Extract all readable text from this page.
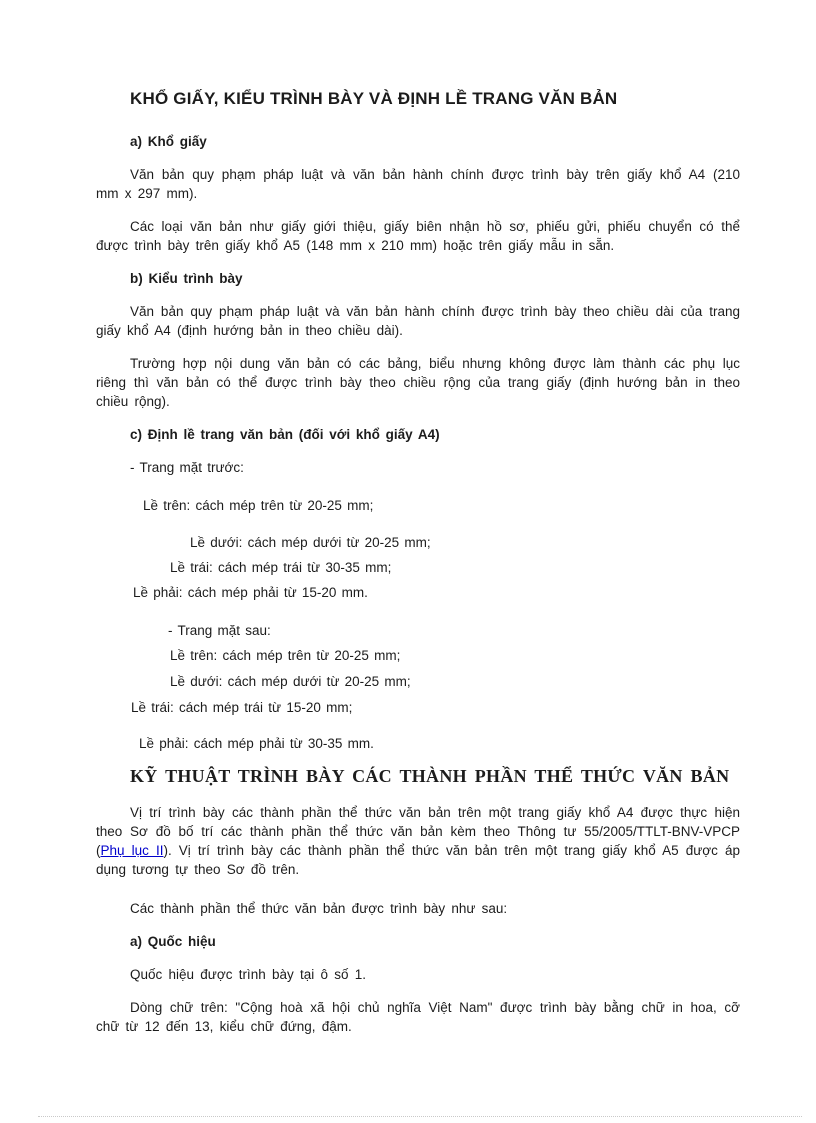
KHỔ GIẤY, KIỂU TRÌNH BÀY VÀ ĐỊNH LỀ TRANG VĂN BẢN

a) Khổ giấy

Văn bản quy phạm pháp luật và văn bản hành chính được trình bày trên giấy khổ A4 (210 mm x 297 mm).

Các loại văn bản như giấy giới thiệu, giấy biên nhận hồ sơ, phiếu gửi, phiếu chuyển có thể được trình bày trên giấy khổ A5 (148 mm x 210 mm) hoặc trên giấy mẫu in sẵn.

b) Kiểu trình bày

Văn bản quy phạm pháp luật và văn bản hành chính được trình bày theo chiều dài của trang giấy khổ A4 (định hướng bản in theo chiều dài).

Trường hợp nội dung văn bản có các bảng, biểu nhưng không được làm thành các phụ lục riêng thì văn bản có thể được trình bày theo chiều rộng của trang giấy (định hướng bản in theo chiều rộng).

c) Định lề trang văn bản (đối với khổ giấy A4)

- Trang mặt trước:

Lề trên: cách mép trên từ 20-25 mm;

Lề dưới: cách mép dưới từ 20-25 mm;

Lề trái: cách mép trái từ 30-35 mm;

Lề phải: cách mép phải từ 15-20 mm.

- Trang mặt sau:

Lề trên: cách mép trên từ 20-25 mm;

Lề dưới: cách mép dưới từ 20-25 mm;

Lề trái: cách mép trái từ 15-20 mm;

Lề phải: cách mép phải từ 30-35 mm.

KỸ THUẬT TRÌNH BÀY CÁC THÀNH PHẦN THỂ THỨC VĂN BẢN

Vị trí trình bày các thành phần thể thức văn bản trên một trang giấy khổ A4 được thực hiện theo Sơ đồ bố trí các thành phần thể thức văn bản kèm theo Thông tư 55/2005/TTLT-BNV-VPCP (Phụ lục II). Vị trí trình bày các thành phần thể thức văn bản trên một trang giấy khổ A5 được áp dụng tương tự theo Sơ đồ trên.

Các thành phần thể thức văn bản được trình bày như sau:

a) Quốc hiệu

Quốc hiệu được trình bày tại ô số 1.

Dòng chữ trên: "Cộng hoà xã hội chủ nghĩa Việt Nam" được trình bày bằng chữ in hoa, cỡ chữ từ 12 đến 13, kiểu chữ đứng, đậm.
